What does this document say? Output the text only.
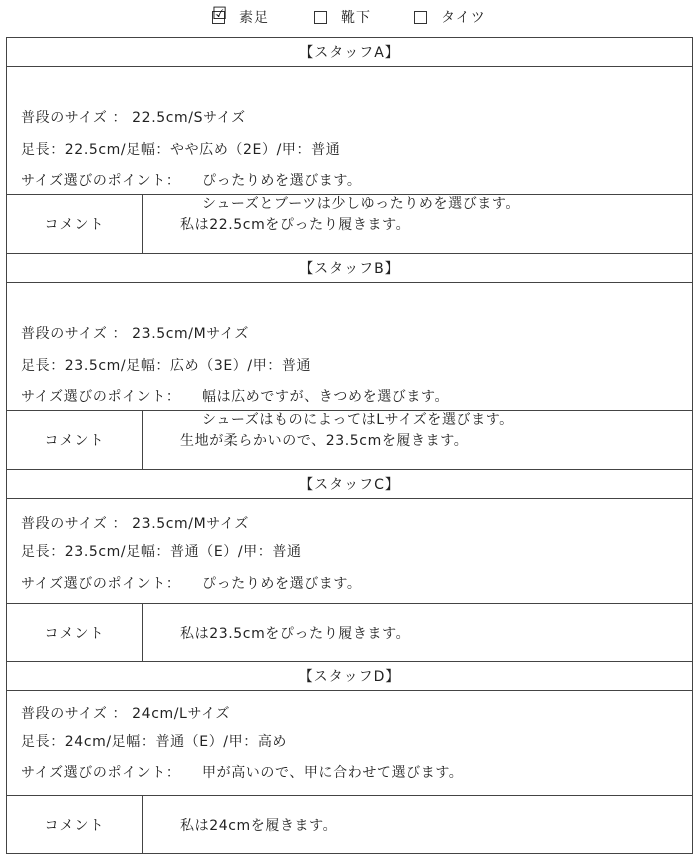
☑ 素足	靴下	タイツ
【スタッフA】
普段のサイズ ： 22.5cm/Sサイズ
足長：22.5cm/足幅：やや広め（2E）/甲：普通
サイズ選びのポイント： ぴったりめを選びます。
シューズとブーツは少しゆったりめを選びます。
コメント	私は22.5cmをぴったり履きます。
【スタッフB】
普段のサイズ ： 23.5cm/Mサイズ
足長：23.5cm/足幅：広め（3E）/甲：普通
サイズ選びのポイント： 幅は広めですが、きつめを選びます。
シューズはものによってはLサイズを選びます。
コメント	生地が柔らかいので、23.5cmを履きます。
【スタッフC】
普段のサイズ ： 23.5cm/Mサイズ
足長：23.5cm/足幅：普通（E）/甲：普通
サイズ選びのポイント： ぴったりめを選びます。
コメント	私は23.5cmをぴったり履きます。
【スタッフD】
普段のサイズ ： 24cm/Lサイズ
足長：24cm/足幅：普通（E）/甲：高め
サイズ選びのポイント： 甲が高いので、甲に合わせて選びます。
コメント	私は24cmを履きます。
